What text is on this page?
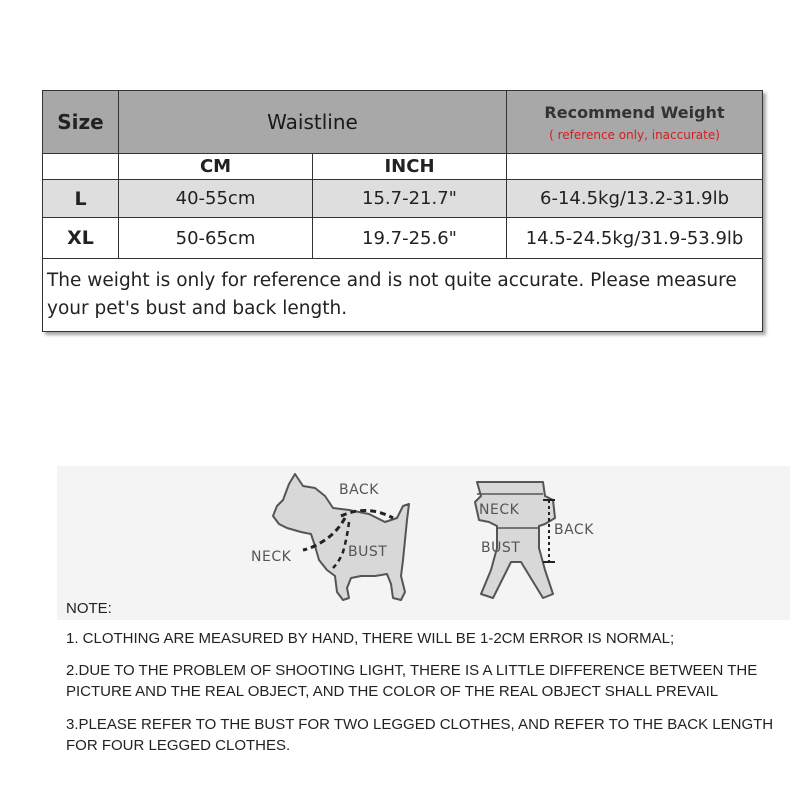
Size	Waistline		Recommend Weight
( reference only, inaccurate)

	CM	INCH	
L	40-55cm	15.7-21.7"	6-14.5kg/13.2-31.9lb
XL	50-65cm	19.7-25.6"	14.5-24.5kg/31.9-53.9lb
The weight is only for reference and is not quite accurate. Please measure your pet's bust and back length.			
BACK
NECK	BUST
NECK
BACK
BUST

NOTE:

1. CLOTHING ARE MEASURED BY HAND, THERE WILL BE 1-2CM ERROR IS NORMAL;

2.DUE TO THE PROBLEM OF SHOOTING LIGHT, THERE IS A LITTLE DIFFERENCE BETWEEN THE PICTURE AND THE REAL OBJECT, AND THE COLOR OF THE REAL OBJECT SHALL PREVAIL

3.PLEASE REFER TO THE BUST FOR TWO LEGGED CLOTHES, AND REFER TO THE BACK LENGTH FOR FOUR LEGGED CLOTHES.
